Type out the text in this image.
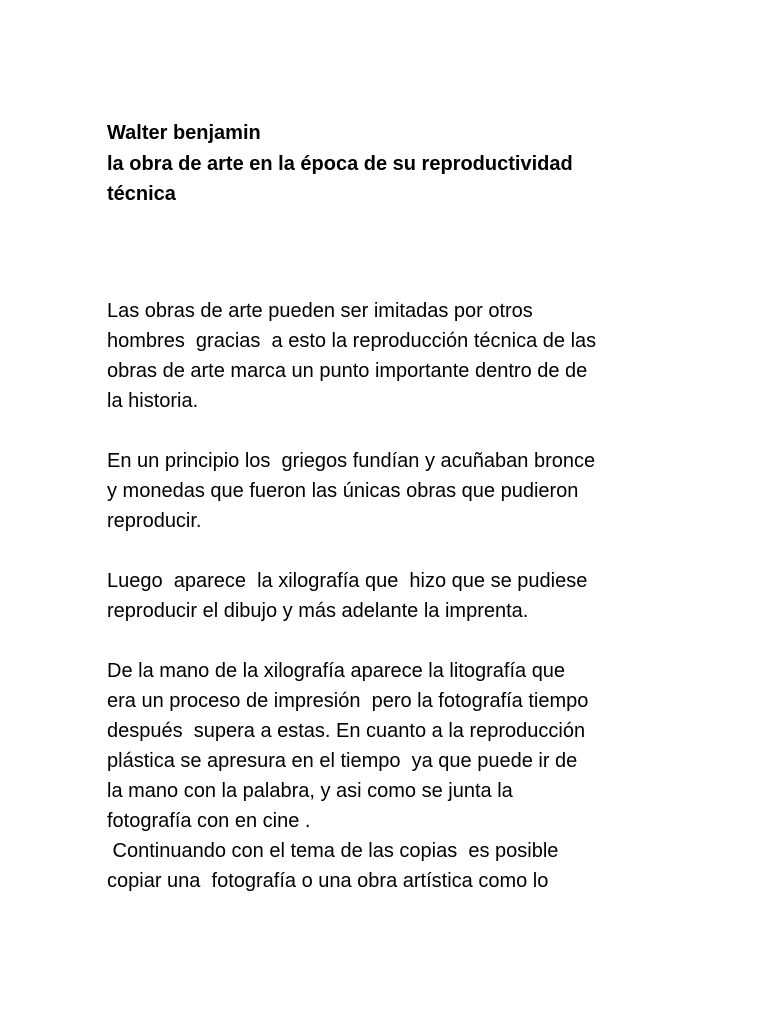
Walter benjamin
la obra de arte en la época de su reproductividad
técnica

Las obras de arte pueden ser imitadas por otros
hombres  gracias  a esto la reproducción técnica de las
obras de arte marca un punto importante dentro de de
la historia.

En un principio los  griegos fundían y acuñaban bronce
y monedas que fueron las únicas obras que pudieron
reproducir.

Luego  aparece  la xilografía que  hizo que se pudiese
reproducir el dibujo y más adelante la imprenta.

De la mano de la xilografía aparece la litografía que
era un proceso de impresión  pero la fotografía tiempo
después  supera a estas. En cuanto a la reproducción
plástica se apresura en el tiempo  ya que puede ir de
la mano con la palabra, y asi como se junta la
fotografía con en cine .
Continuando con el tema de las copias  es posible
copiar una  fotografía o una obra artística como lo
